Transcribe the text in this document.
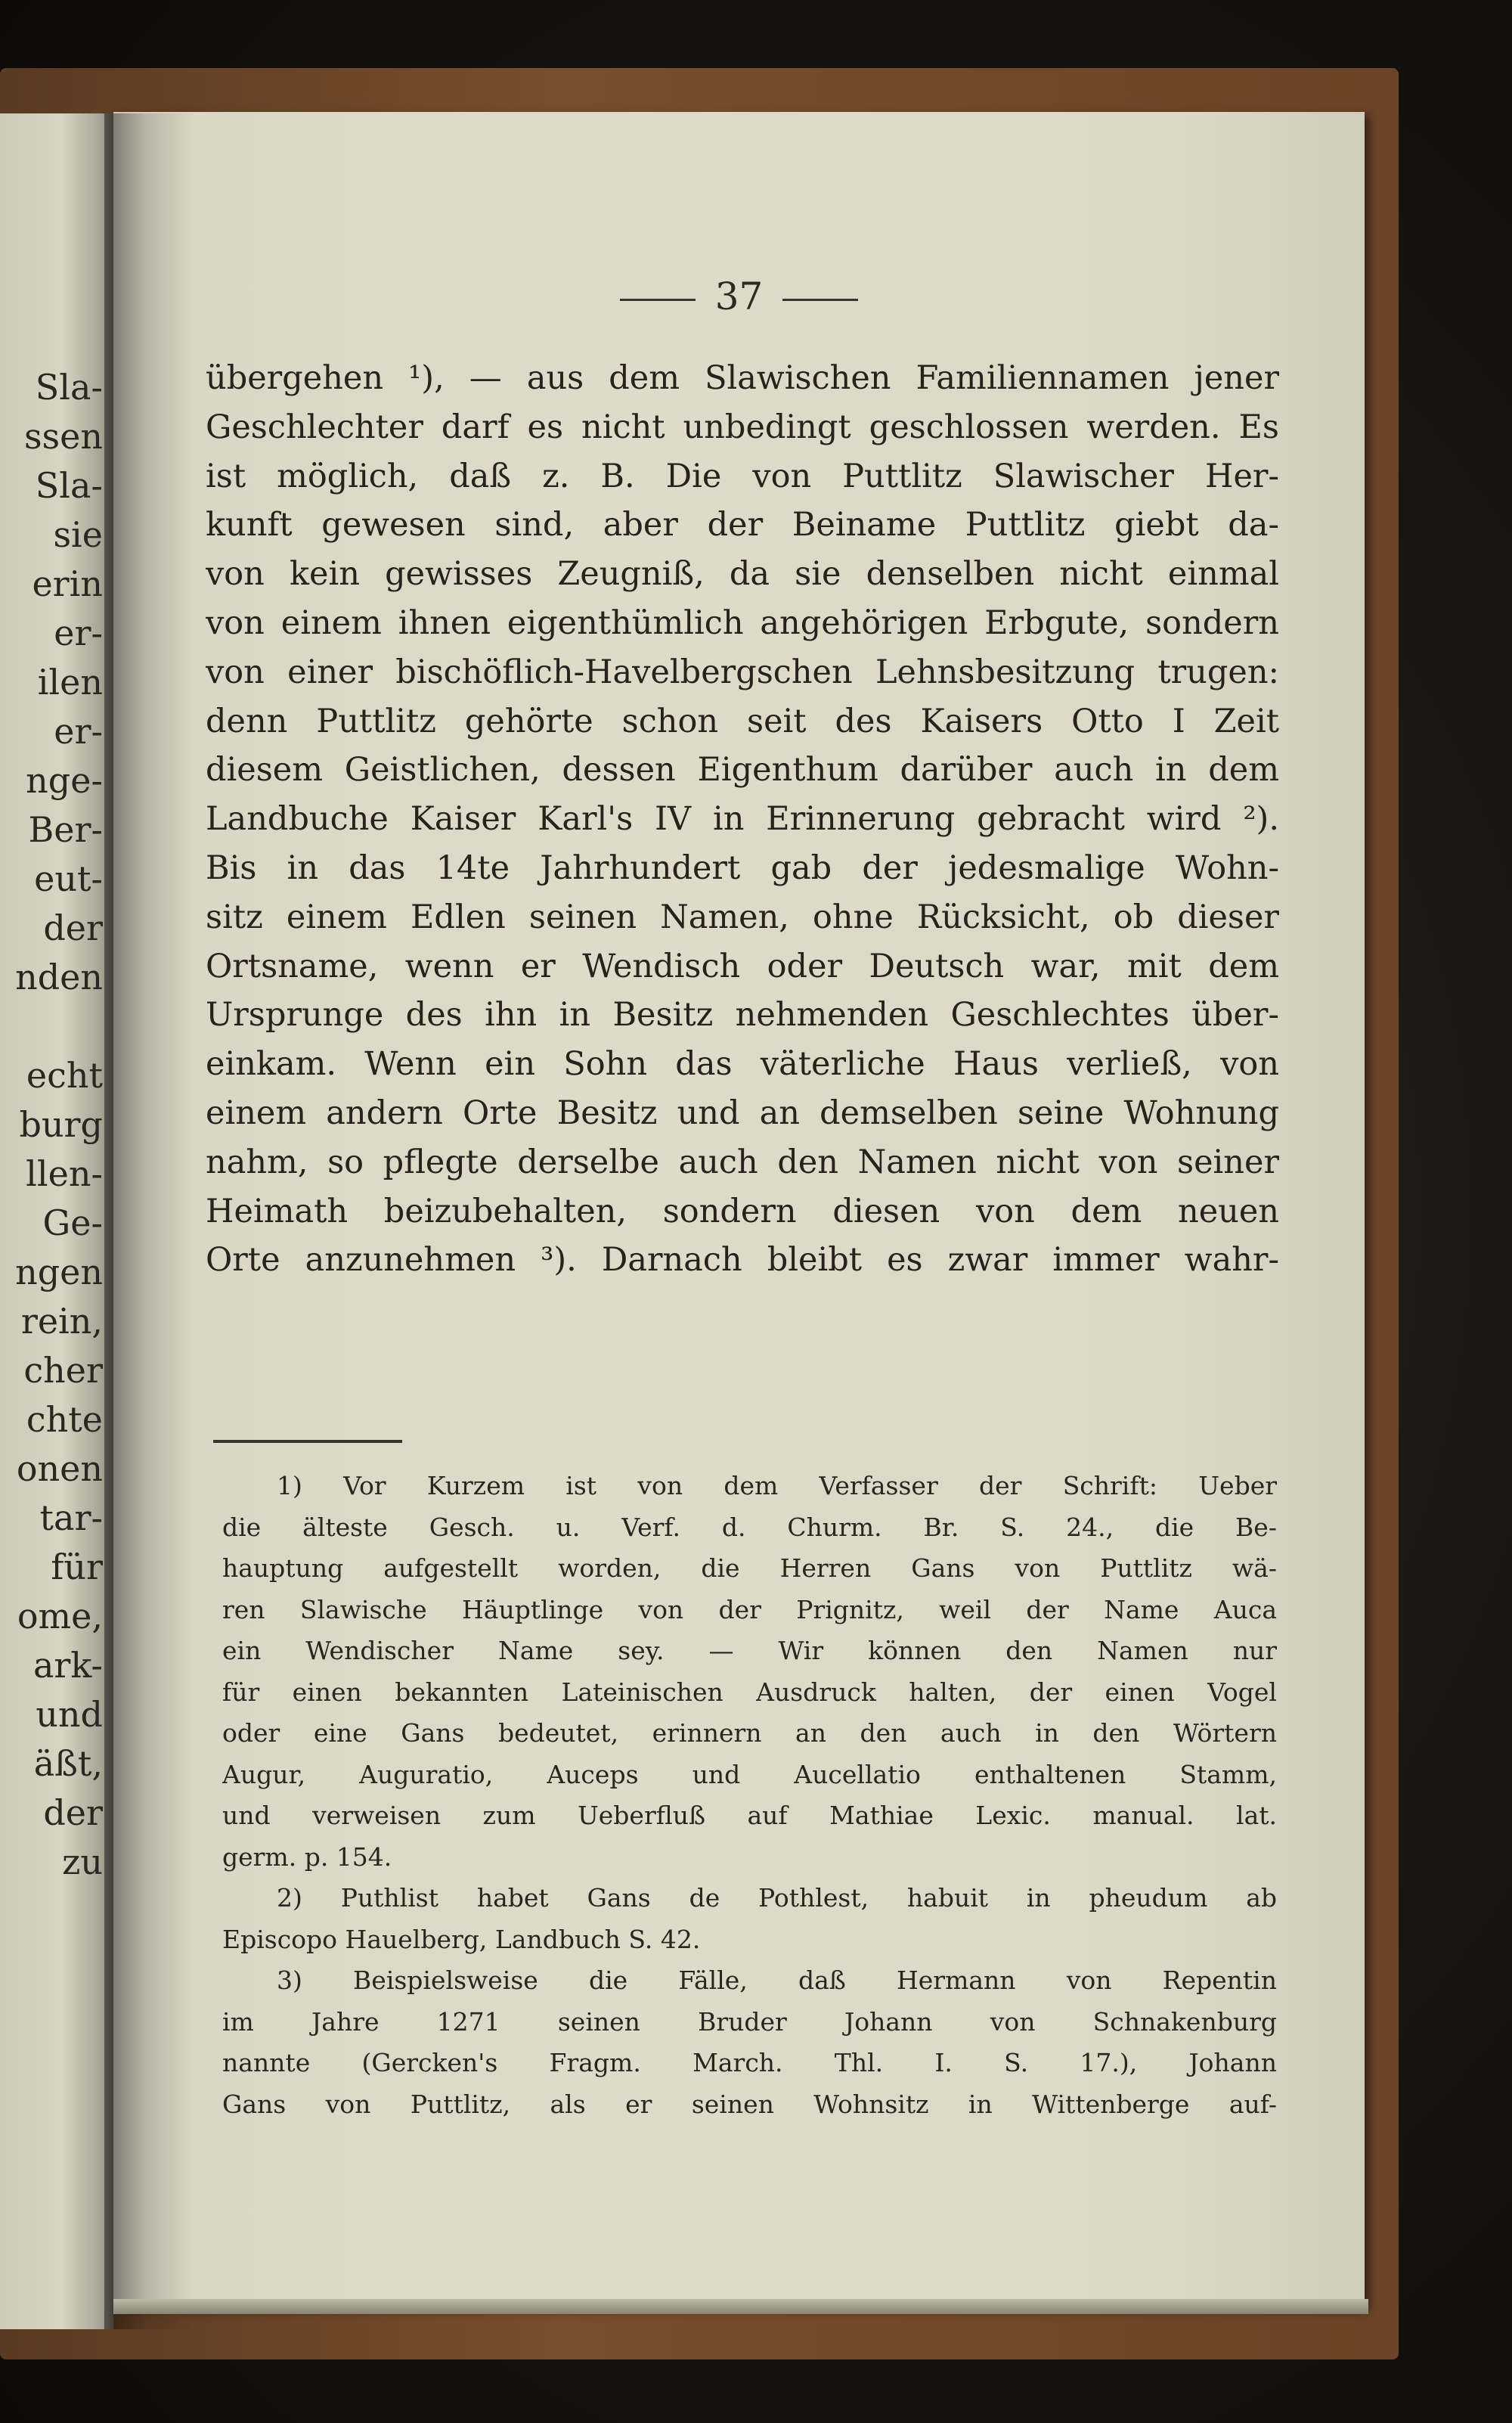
Sla-
ssen
Sla-
sie
erin
er-
ilen
er-
nge-
Ber-
eut-
der
nden
echt
burg
llen-
Ge-
ngen
rein,
cher
chte
onen
tar-
für
ome,
ark-
und
äßt,
der
zu
37
übergehen ¹), — aus dem Slawischen Familiennamen jener
Geschlechter darf es nicht unbedingt geschlossen werden. Es
ist möglich, daß z. B. Die von Puttlitz Slawischer Her-
kunft gewesen sind, aber der Beiname Puttlitz giebt da-
von kein gewisses Zeugniß, da sie denselben nicht einmal
von einem ihnen eigenthümlich angehörigen Erbgute, sondern
von einer bischöflich-Havelbergschen Lehnsbesitzung trugen:
denn Puttlitz gehörte schon seit des Kaisers Otto I Zeit
diesem Geistlichen, dessen Eigenthum darüber auch in dem
Landbuche Kaiser Karl's IV in Erinnerung gebracht wird ²).
Bis in das 14te Jahrhundert gab der jedesmalige Wohn-
sitz einem Edlen seinen Namen, ohne Rücksicht, ob dieser
Ortsname, wenn er Wendisch oder Deutsch war, mit dem
Ursprunge des ihn in Besitz nehmenden Geschlechtes über-
einkam. Wenn ein Sohn das väterliche Haus verließ, von
einem andern Orte Besitz und an demselben seine Wohnung
nahm, so pflegte derselbe auch den Namen nicht von seiner
Heimath beizubehalten, sondern diesen von dem neuen
Orte anzunehmen ³). Darnach bleibt es zwar immer wahr-
1) Vor Kurzem ist von dem Verfasser der Schrift: Ueber
die älteste Gesch. u. Verf. d. Churm. Br. S. 24., die Be-
hauptung aufgestellt worden, die Herren Gans von Puttlitz wä-
ren Slawische Häuptlinge von der Prignitz, weil der Name Auca
ein Wendischer Name sey. — Wir können den Namen nur
für einen bekannten Lateinischen Ausdruck halten, der einen Vogel
oder eine Gans bedeutet, erinnern an den auch in den Wörtern
Augur, Auguratio, Auceps und Aucellatio enthaltenen Stamm,
und verweisen zum Ueberfluß auf Mathiae Lexic. manual. lat.
germ. p. 154.
2) Puthlist habet Gans de Pothlest, habuit in pheudum ab
Episcopo Hauelberg, Landbuch S. 42.
3) Beispielsweise die Fälle, daß Hermann von Repentin
im Jahre 1271 seinen Bruder Johann von Schnakenburg
nannte (Gercken's Fragm. March. Thl. I. S. 17.), Johann
Gans von Puttlitz, als er seinen Wohnsitz in Wittenberge auf-
